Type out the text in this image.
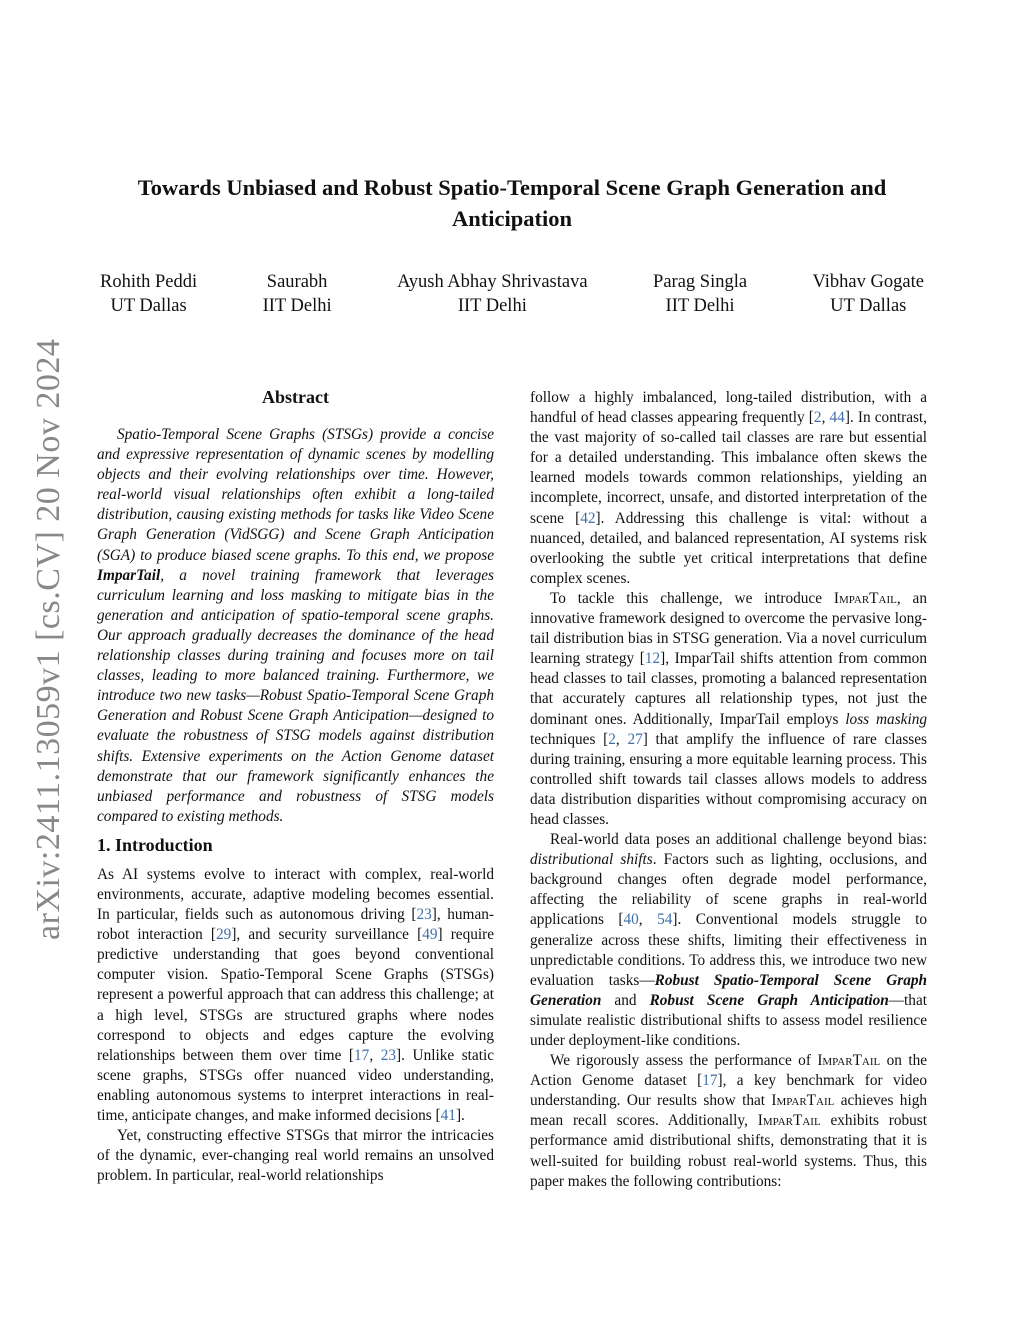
arXiv:2411.13059v1 [cs.CV] 20 Nov 2024
Towards Unbiased and Robust Spatio-Temporal Scene Graph Generation and Anticipation
Rohith Peddi
UT Dallas
Saurabh
IIT Delhi
Ayush Abhay Shrivastava
IIT Delhi
Parag Singla
IIT Delhi
Vibhav Gogate
UT Dallas
Abstract

Spatio-Temporal Scene Graphs (STSGs) provide a concise and expressive representation of dynamic scenes by modelling objects and their evolving relationships over time. However, real-world visual relationships often exhibit a long-tailed distribution, causing existing methods for tasks like Video Scene Graph Generation (VidSGG) and Scene Graph Anticipation (SGA) to produce biased scene graphs. To this end, we propose ImparTail, a novel training framework that leverages curriculum learning and loss masking to mitigate bias in the generation and anticipation of spatio-temporal scene graphs. Our approach gradually decreases the dominance of the head relationship classes during training and focuses more on tail classes, leading to more balanced training. Furthermore, we introduce two new tasks—Robust Spatio-Temporal Scene Graph Generation and Robust Scene Graph Anticipation—designed to evaluate the robustness of STSG models against distribution shifts. Extensive experiments on the Action Genome dataset demonstrate that our framework significantly enhances the unbiased performance and robustness of STSG models compared to existing methods.

1. Introduction

As AI systems evolve to interact with complex, real-world environments, accurate, adaptive modeling becomes essential. In particular, fields such as autonomous driving [23], human-robot interaction [29], and security surveillance [49] require predictive understanding that goes beyond conventional computer vision. Spatio-Temporal Scene Graphs (STSGs) represent a powerful approach that can address this challenge; at a high level, STSGs are structured graphs where nodes correspond to objects and edges capture the evolving relationships between them over time [17, 23]. Unlike static scene graphs, STSGs offer nuanced video understanding, enabling autonomous systems to interpret interactions in real-time, anticipate changes, and make informed decisions [41].

Yet, constructing effective STSGs that mirror the intricacies of the dynamic, ever-changing real world remains an unsolved problem. In particular, real-world relationships

follow a highly imbalanced, long-tailed distribution, with a handful of head classes appearing frequently [2, 44]. In contrast, the vast majority of so-called tail classes are rare but essential for a detailed understanding. This imbalance often skews the learned models towards common relationships, yielding an incomplete, incorrect, unsafe, and distorted interpretation of the scene [42]. Addressing this challenge is vital: without a nuanced, detailed, and balanced representation, AI systems risk overlooking the subtle yet critical interpretations that define complex scenes.

To tackle this challenge, we introduce ImparTail, an innovative framework designed to overcome the pervasive long-tail distribution bias in STSG generation. Via a novel curriculum learning strategy [12], ImparTail shifts attention from common head classes to tail classes, promoting a balanced representation that accurately captures all relationship types, not just the dominant ones. Additionally, ImparTail employs loss masking techniques [2, 27] that amplify the influence of rare classes during training, ensuring a more equitable learning process. This controlled shift towards tail classes allows models to address data distribution disparities without compromising accuracy on head classes.

Real-world data poses an additional challenge beyond bias: distributional shifts. Factors such as lighting, occlusions, and background changes often degrade model performance, affecting the reliability of scene graphs in real-world applications [40, 54]. Conventional models struggle to generalize across these shifts, limiting their effectiveness in unpredictable conditions. To address this, we introduce two new evaluation tasks—Robust Spatio-Temporal Scene Graph Generation and Robust Scene Graph Anticipation—that simulate realistic distributional shifts to assess model resilience under deployment-like conditions.

We rigorously assess the performance of ImparTail on the Action Genome dataset [17], a key benchmark for video understanding. Our results show that ImparTail achieves high mean recall scores. Additionally, ImparTail exhibits robust performance amid distributional shifts, demonstrating that it is well-suited for building robust real-world systems. Thus, this paper makes the following contributions:
